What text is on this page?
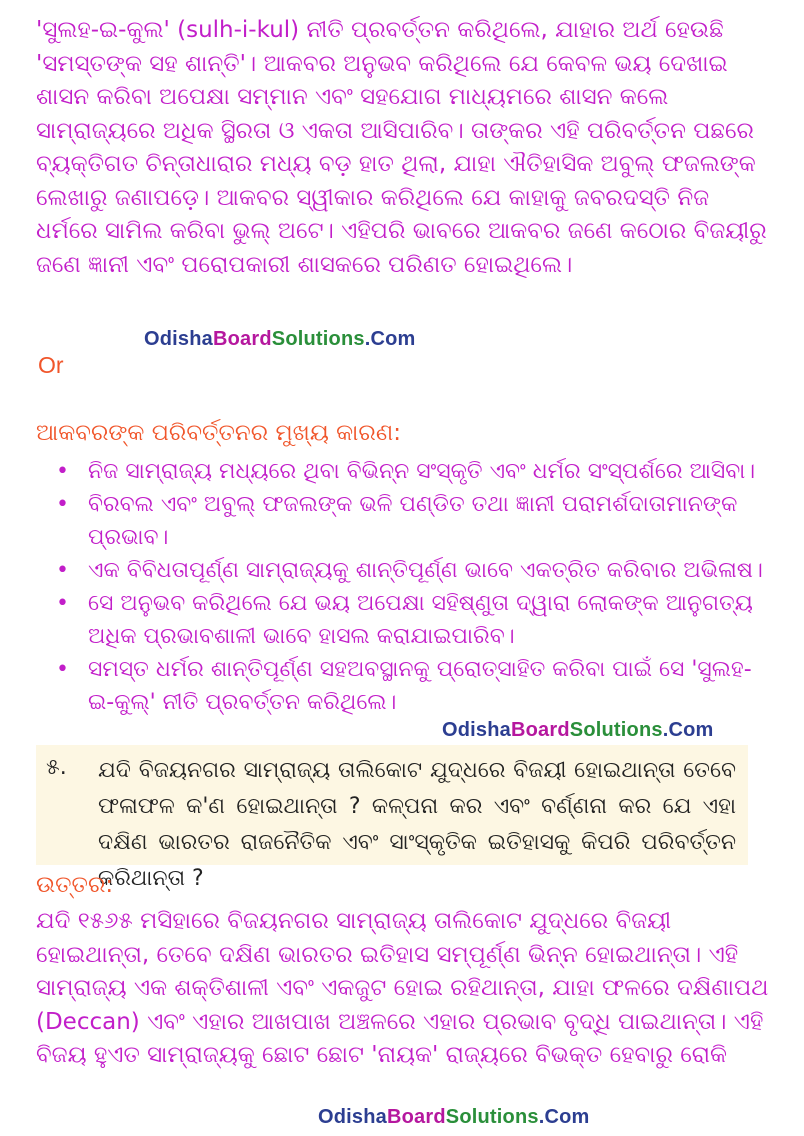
'ସୁଲହ-ଇ-କୁଲ' (sulh-i-kul) ନୀତି ପ୍ରବର୍ତ୍ତନ କରିଥିଲେ, ଯାହାର ଅର୍ଥ ହେଉଛି 'ସମସ୍ତଙ୍କ ସହ ଶାନ୍ତି'। ଆକବର ଅନୁଭବ କରିଥିଲେ ଯେ କେବଳ ଭୟ ଦେଖାଇ ଶାସନ କରିବା ଅପେକ୍ଷା ସମ୍ମାନ ଏବଂ ସହଯୋଗ ମାଧ୍ୟମରେ ଶାସନ କଲେ ସାମ୍ରାଜ୍ୟରେ ଅଧିକ ସ୍ଥିରତା ଓ ଏକତା ଆସିପାରିବ। ତାଙ୍କର ଏହି ପରିବର୍ତ୍ତନ ପଛରେ ବ୍ୟକ୍ତିଗତ ଚିନ୍ତାଧାରାର ମଧ୍ୟ ବଡ଼ ହାତ ଥିଲା, ଯାହା ଐତିହାସିକ ଅବୁଲ୍ ଫଜଲଙ୍କ ଲେଖାରୁ ଜଣାପଡ଼େ। ଆକବର ସ୍ୱୀକାର କରିଥିଲେ ଯେ କାହାକୁ ଜବରଦସ୍ତି ନିଜ ଧର୍ମରେ ସାମିଲ କରିବା ଭୁଲ୍ ଅଟେ। ଏହିପରି ଭାବରେ ଆକବର ଜଣେ କଠୋର ବିଜୟୀରୁ ଜଣେ ଜ୍ଞାନୀ ଏବଂ ପରୋପକାରୀ ଶାସକରେ ପରିଣତ ହୋଇଥିଲେ।

OdishaBoardSolutions.Com
Or

ଆକବରଙ୍କ ପରିବର୍ତ୍ତନର ମୁଖ୍ୟ କାରଣ:

• ନିଜ ସାମ୍ରାଜ୍ୟ ମଧ୍ୟରେ ଥିବା ବିଭିନ୍ନ ସଂସ୍କୃତି ଏବଂ ଧର୍ମର ସଂସ୍ପର୍ଶରେ ଆସିବା।
• ବିରବଲ ଏବଂ ଅବୁଲ୍ ଫଜଲଙ୍କ ଭଳି ପଣ୍ଡିତ ତଥା ଜ୍ଞାନୀ ପରାମର୍ଶଦାତାମାନଙ୍କ ପ୍ରଭାବ।
• ଏକ ବିବିଧତାପୂର୍ଣ୍ଣ ସାମ୍ରାଜ୍ୟକୁ ଶାନ୍ତିପୂର୍ଣ୍ଣ ଭାବେ ଏକତ୍ରିତ କରିବାର ଅଭିଳାଷ।
• ସେ ଅନୁଭବ କରିଥିଲେ ଯେ ଭୟ ଅପେକ୍ଷା ସହିଷ୍ଣୁତା ଦ୍ୱାରା ଲୋକଙ୍କ ଆନୁଗତ୍ୟ ଅଧିକ ପ୍ରଭାବଶାଳୀ ଭାବେ ହାସଲ କରାଯାଇପାରିବ।
• ସମସ୍ତ ଧର୍ମର ଶାନ୍ତିପୂର୍ଣ୍ଣ ସହଅବସ୍ଥାନକୁ ପ୍ରୋତ୍ସାହିତ କରିବା ପାଇଁ ସେ 'ସୁଲହ-ଇ-କୁଲ୍' ନୀତି ପ୍ରବର୍ତ୍ତନ କରିଥିଲେ।
OdishaBoardSolutions.Com
୫. ଯଦି ବିଜୟନଗର ସାମ୍ରାଜ୍ୟ ତାଲିକୋଟ ଯୁଦ୍ଧରେ ବିଜୟୀ ହୋଇଥାନ୍ତା ତେବେ ଫଳାଫଳ କ'ଣ ହୋଇଥାନ୍ତା ? କଳ୍ପନା କର ଏବଂ ବର୍ଣ୍ଣନା କର ଯେ ଏହା ଦକ୍ଷିଣ ଭାରତର ରାଜନୈତିକ ଏବଂ ସାଂସ୍କୃତିକ ଇତିହାସକୁ କିପରି ପରିବର୍ତ୍ତନ କରିଥାନ୍ତା ?

ଉତ୍ତର:

ଯଦି ୧୫୬୫ ମସିହାରେ ବିଜୟନଗର ସାମ୍ରାଜ୍ୟ ତାଲିକୋଟ ଯୁଦ୍ଧରେ ବିଜୟୀ ହୋଇଥାନ୍ତା, ତେବେ ଦକ୍ଷିଣ ଭାରତର ଇତିହାସ ସମ୍ପୂର୍ଣ୍ଣ ଭିନ୍ନ ହୋଇଥାନ୍ତା। ଏହି ସାମ୍ରାଜ୍ୟ ଏକ ଶକ୍ତିଶାଳୀ ଏବଂ ଏକଜୁଟ ହୋଇ ରହିଥାନ୍ତା, ଯାହା ଫଳରେ ଦକ୍ଷିଣାପଥ (Deccan) ଏବଂ ଏହାର ଆଖପାଖ ଅଞ୍ଚଳରେ ଏହାର ପ୍ରଭାବ ବୃଦ୍ଧି ପାଇଥାନ୍ତା। ଏହି ବିଜୟ ହୁଏତ ସାମ୍ରାଜ୍ୟକୁ ଛୋଟ ଛୋଟ 'ନାୟକ' ରାଜ୍ୟରେ ବିଭକ୍ତ ହେବାରୁ ରୋକି

OdishaBoardSolutions.Com
